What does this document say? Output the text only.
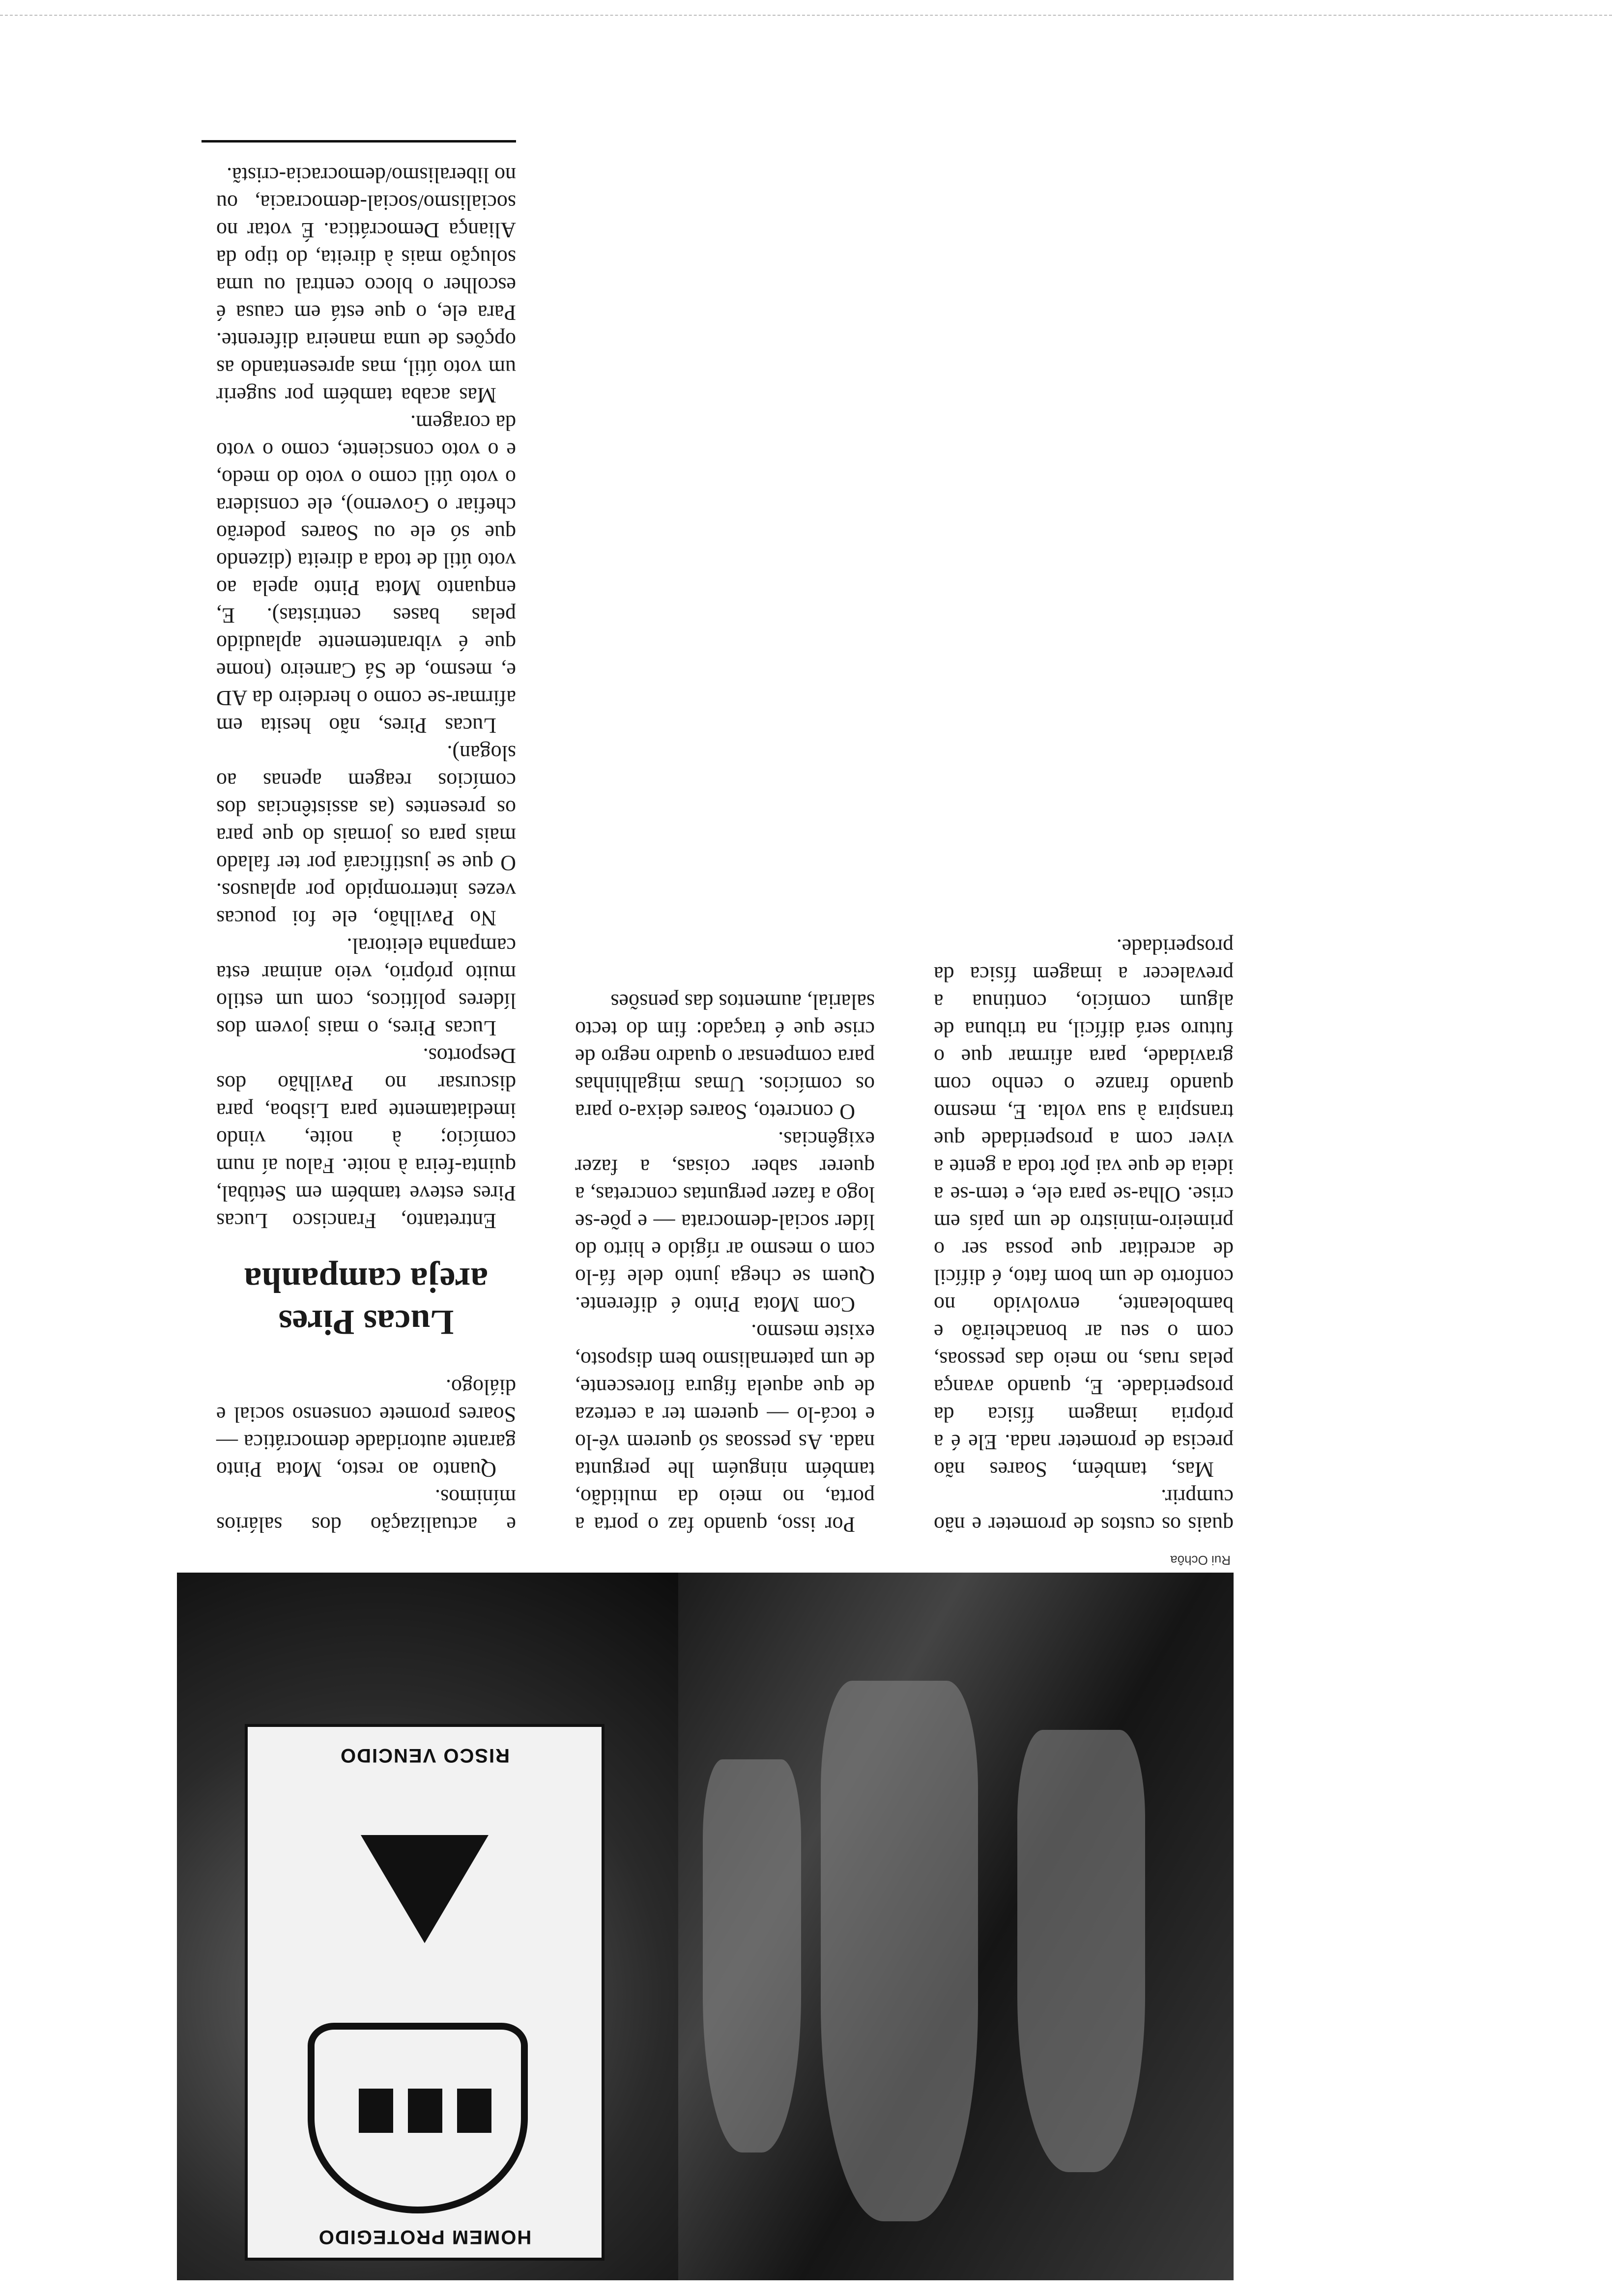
HOMEM PROTEGIDO
RISCO VENCIDO
Rui Ochôa

quais os custos de prometer e não cumprir.

Mas, também, Soares não precisa de prometer nada. Ele é a própria imagem física da prosperidade. E, quando avança pelas ruas, no meio das pessoas, com o seu ar bonacheirão e bamboleante, envolvido no conforto de um bom fato, é difícil de acreditar que possa ser o primeiro-ministro de um país em crise. Olha-se para ele, e tem-se a ideia de que vai pôr toda a gente a viver com a prosperidade que transpira à sua volta. E, mesmo quando franze o cenho com gravidade, para afirmar que o futuro será difícil, na tribuna de algum comício, continua a prevalecer a imagem física da prosperidade.

Por isso, quando faz o porta a porta, no meio da multidão, também ninguém lhe pergunta nada. As pessoas só querem vê-lo e tocá-lo — querem ter a certeza de que aquela figura florescente, de um paternalismo bem disposto, existe mesmo.

Com Mota Pinto é diferente. Quem se chega junto dele fá-lo com o mesmo ar rígido e hirto do líder social-democrata — e põe-se logo a fazer perguntas concretas, a querer saber coisas, a fazer exigências.

O concreto, Soares deixa-o para os comícios. Umas migalhinhas para compensar o quadro negro de crise que é traçado: fim do tecto salarial, aumentos das pensões

e actualização dos salários mínimos.

Quanto ao resto, Mota Pinto garante autoridade democrática — Soares promete consenso social e diálogo.

Lucas Pires
areja campanha

Entretanto, Francisco Lucas Pires esteve também em Setúbal, quinta-feira à noite. Falou aí num comício; à noite, vindo imediatamente para Lisboa, para discursar no Pavilhão dos Desportos.

Lucas Pires, o mais jovem dos líderes políticos, com um estilo muito próprio, veio animar esta campanha eleitoral.

No Pavilhão, ele foi poucas vezes interrompido por aplausos. O que se justificará por ter falado mais para os jornais do que para os presentes (as assistências dos comícios reagem apenas ao slogan).

Lucas Pires, não hesita em afirmar-se como o herdeiro da AD e, mesmo, de Sá Carneiro (nome que é vibrantemente aplaudido pelas bases centristas). E, enquanto Mota Pinto apela ao voto útil de toda a direita (dizendo que só ele ou Soares poderão chefiar o Governo), ele considera o voto útil como o voto do medo, e o voto consciente, como o voto da coragem.

Mas acaba também por sugerir um voto útil, mas apresentando as opções de uma maneira diferente. Para ele, o que está em causa é escolher o bloco central ou uma solução mais à direita, do tipo da Aliança Democrática. É votar no socialismo/social-democracia, ou no liberalismo/democracia-cristã.
